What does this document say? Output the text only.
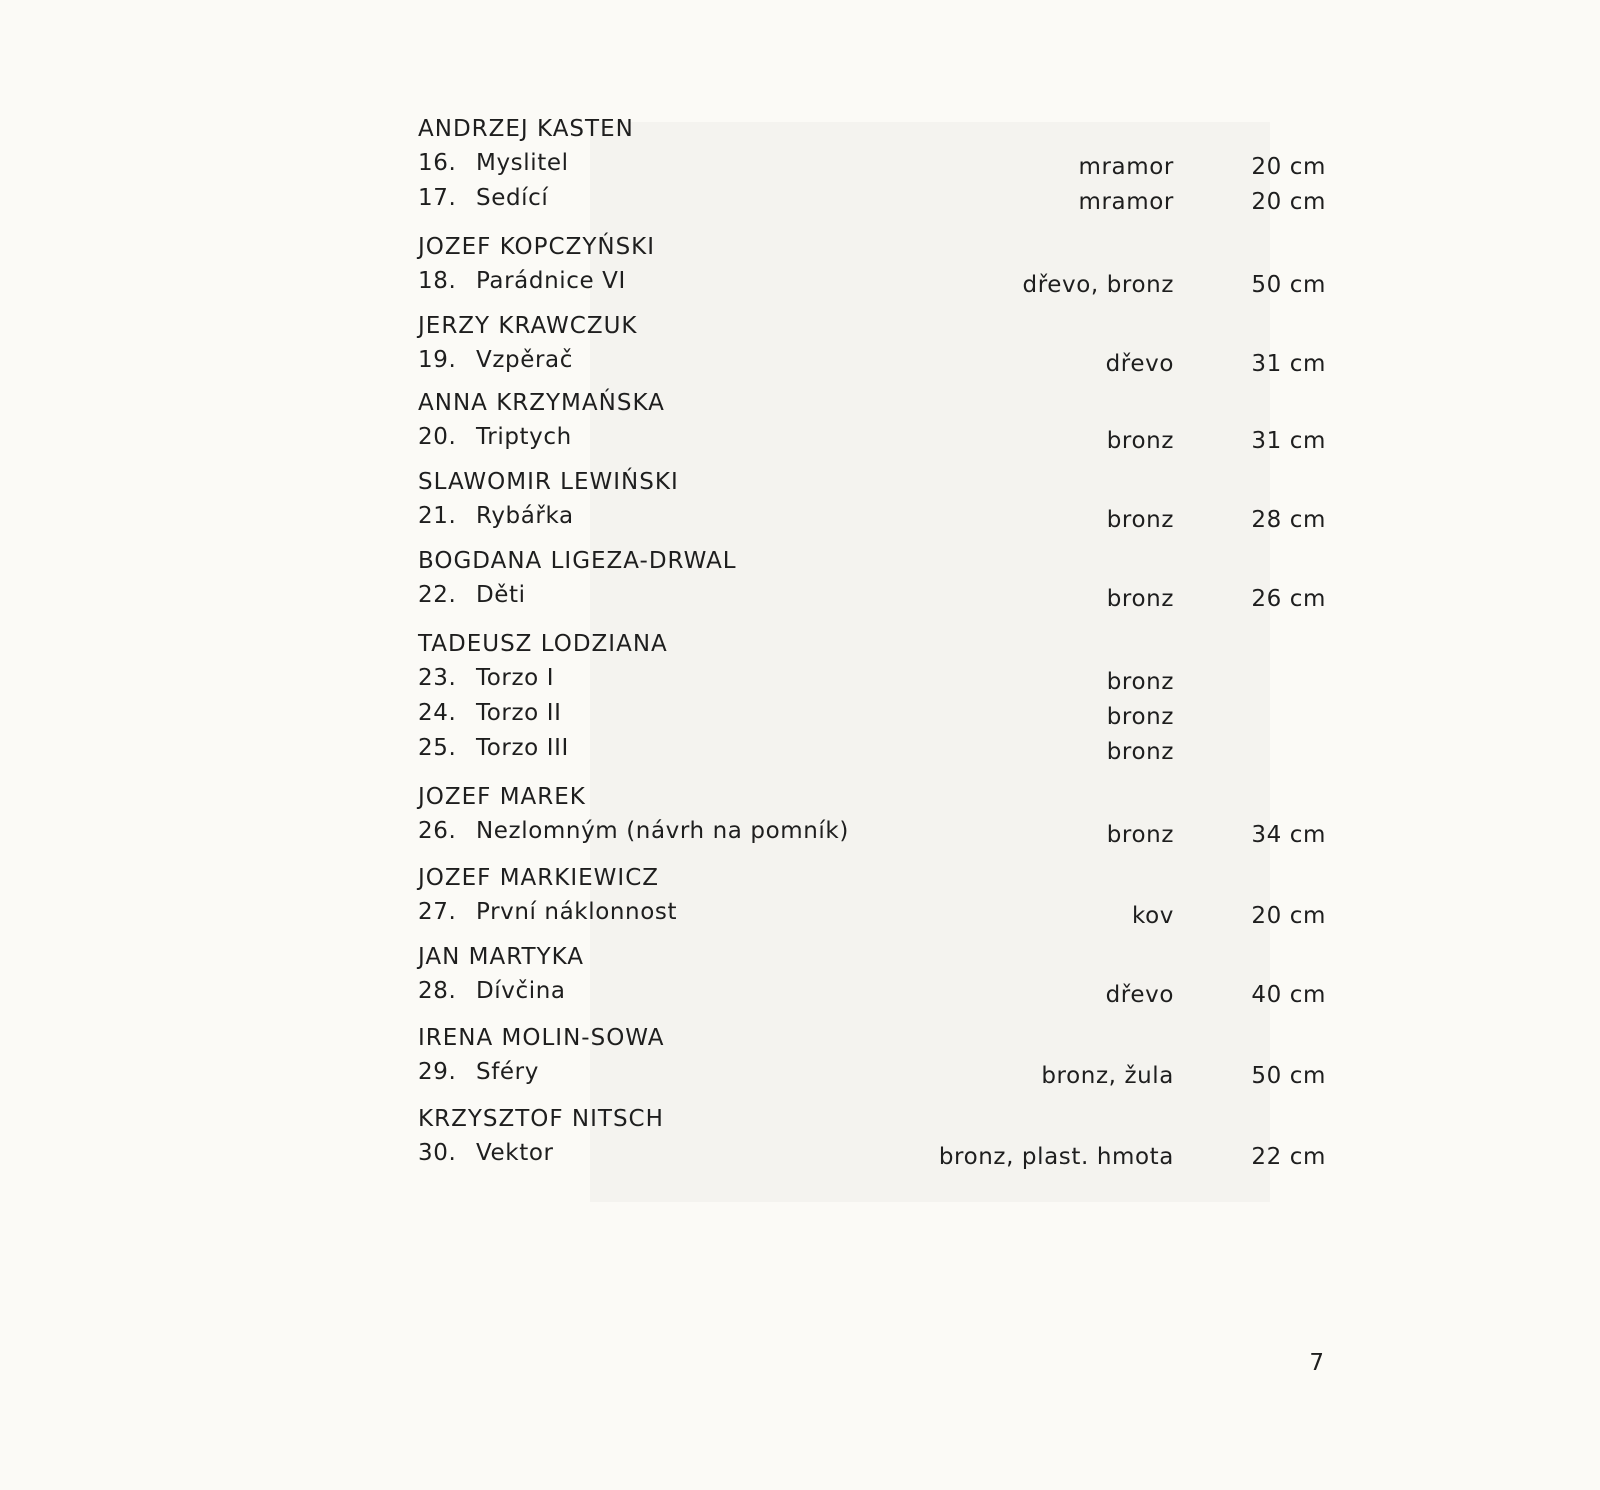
ANDRZEJ KASTEN
16. Myslitel	mramor	20 cm
17. Sedící	mramor	20 cm
JOZEF KOPCZYŃSKI
18. Parádnice VI	dřevo, bronz	50 cm
JERZY KRAWCZUK
19. Vzpěrač	dřevo	31 cm
ANNA KRZYMAŃSKA
20. Triptych	bronz	31 cm
SLAWOMIR LEWIŃSKI
21. Rybářka	bronz	28 cm
BOGDANA LIGEZA-DRWAL
22. Děti	bronz	26 cm
TADEUSZ LODZIANA
23. Torzo I	bronz
24. Torzo II	bronz
25. Torzo III	bronz
JOZEF MAREK
26. Nezlomným (návrh na pomník)	bronz	34 cm
JOZEF MARKIEWICZ
27. První náklonnost	kov	20 cm
JAN MARTYKA
28. Dívčina	dřevo	40 cm
IRENA MOLIN-SOWA
29. Sféry	bronz, žula	50 cm
KRZYSZTOF NITSCH
30. Vektor	bronz, plast. hmota	22 cm
7
